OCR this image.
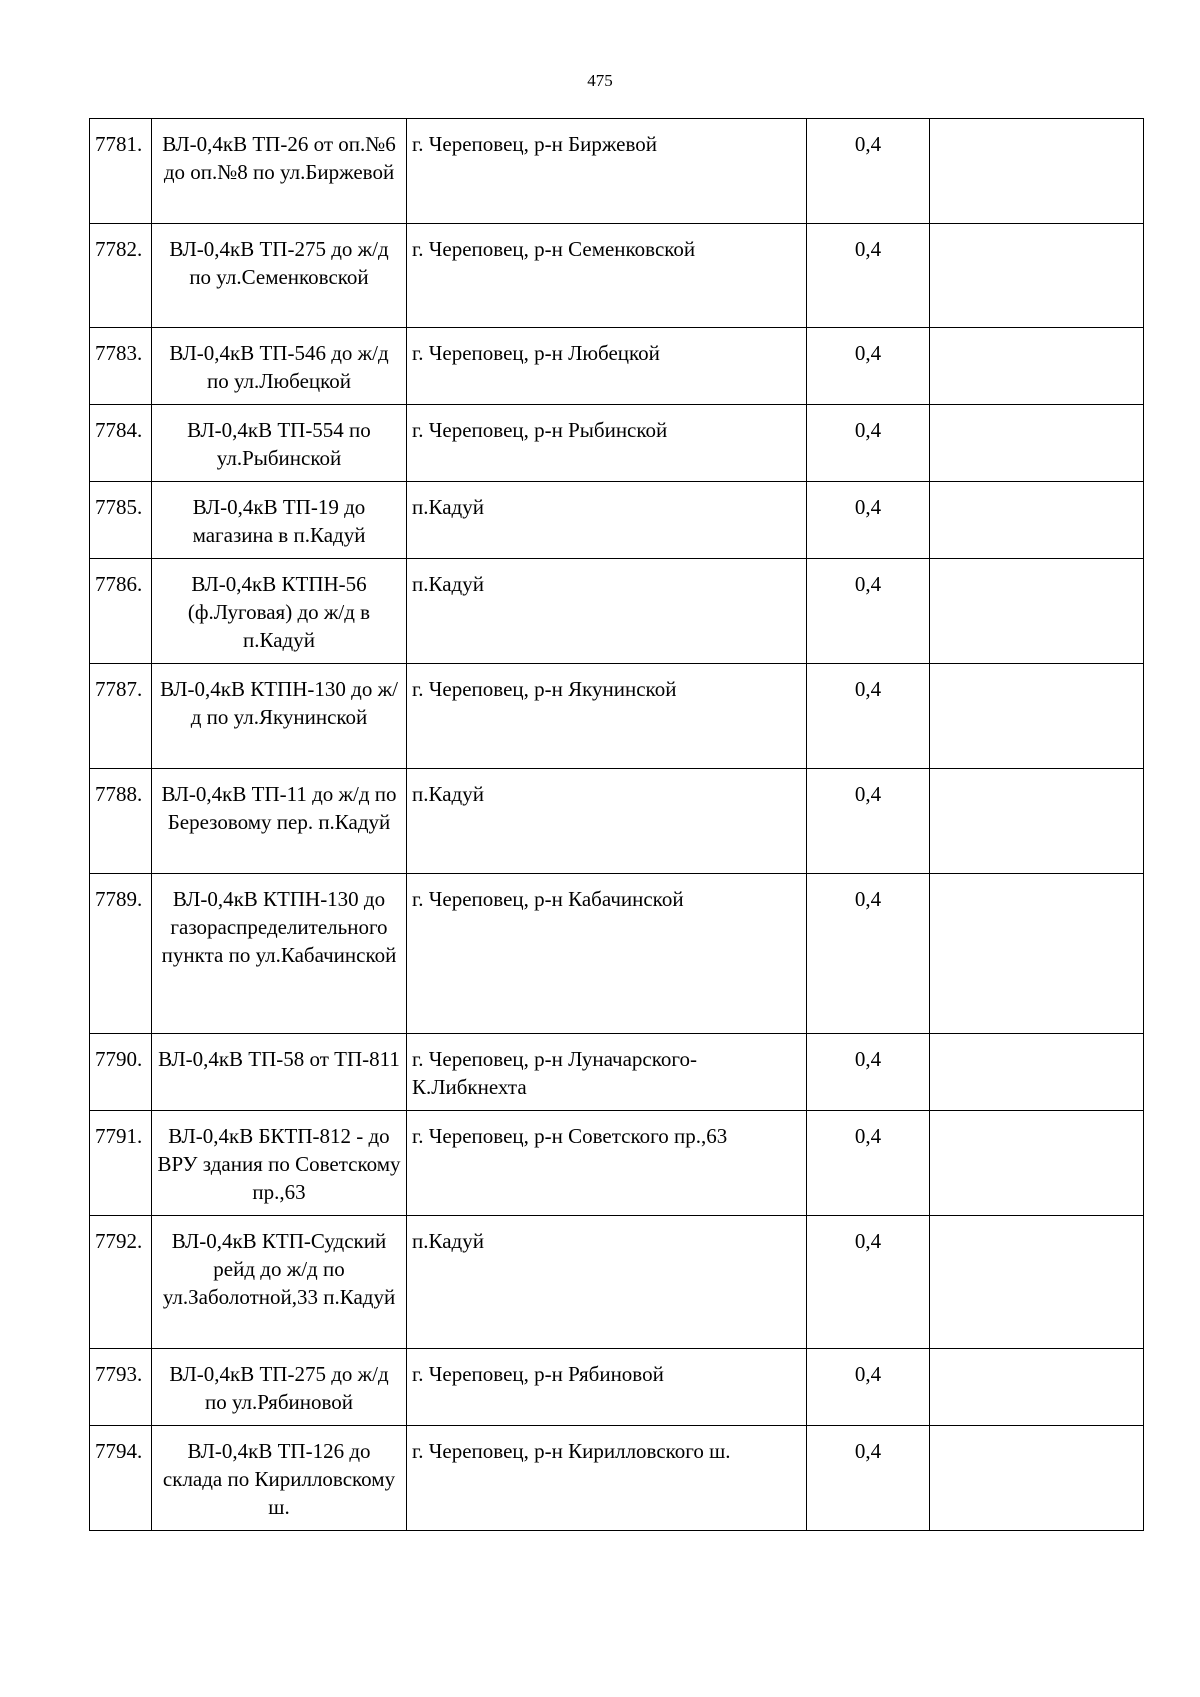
475
7781.	ВЛ-0,4кВ ТП-26 от оп.№6 до оп.№8 по ул.Биржевой	г. Череповец, р-н Биржевой	0,4	
7782.	ВЛ-0,4кВ ТП-275 до ж/д по ул.Семенковской	г. Череповец, р-н Семенковской	0,4	
7783.	ВЛ-0,4кВ ТП-546 до ж/д по ул.Любецкой	г. Череповец, р-н Любецкой	0,4	
7784.	ВЛ-0,4кВ ТП-554 по ул.Рыбинской	г. Череповец, р-н Рыбинской	0,4	
7785.	ВЛ-0,4кВ ТП-19 до магазина в п.Кадуй	п.Кадуй	0,4	
7786.	ВЛ-0,4кВ КТПН-56 (ф.Луговая) до ж/д в п.Кадуй	п.Кадуй	0,4	
7787.	ВЛ-0,4кВ КТПН-130 до ж/д по ул.Якунинской	г. Череповец, р-н Якунинской	0,4	
7788.	ВЛ-0,4кВ ТП-11 до ж/д по Березовому пер. п.Кадуй	п.Кадуй	0,4	
7789.	ВЛ-0,4кВ КТПН-130 до газораспределительного пункта по ул.Кабачинской	г. Череповец, р-н Кабачинской	0,4	
7790.	ВЛ-0,4кВ ТП-58 от ТП-811	г. Череповец, р-н Луначарского-К.Либкнехта	0,4	
7791.	ВЛ-0,4кВ БКТП-812 - до ВРУ здания по Советскому пр.,63	г. Череповец, р-н Советского пр.,63	0,4	
7792.	ВЛ-0,4кВ КТП-Судский рейд до ж/д по ул.Заболотной,33 п.Кадуй	п.Кадуй	0,4	
7793.	ВЛ-0,4кВ ТП-275 до ж/д по ул.Рябиновой	г. Череповец, р-н Рябиновой	0,4	
7794.	ВЛ-0,4кВ ТП-126 до склада по Кирилловскому ш.	г. Череповец, р-н Кирилловского ш.	0,4	
